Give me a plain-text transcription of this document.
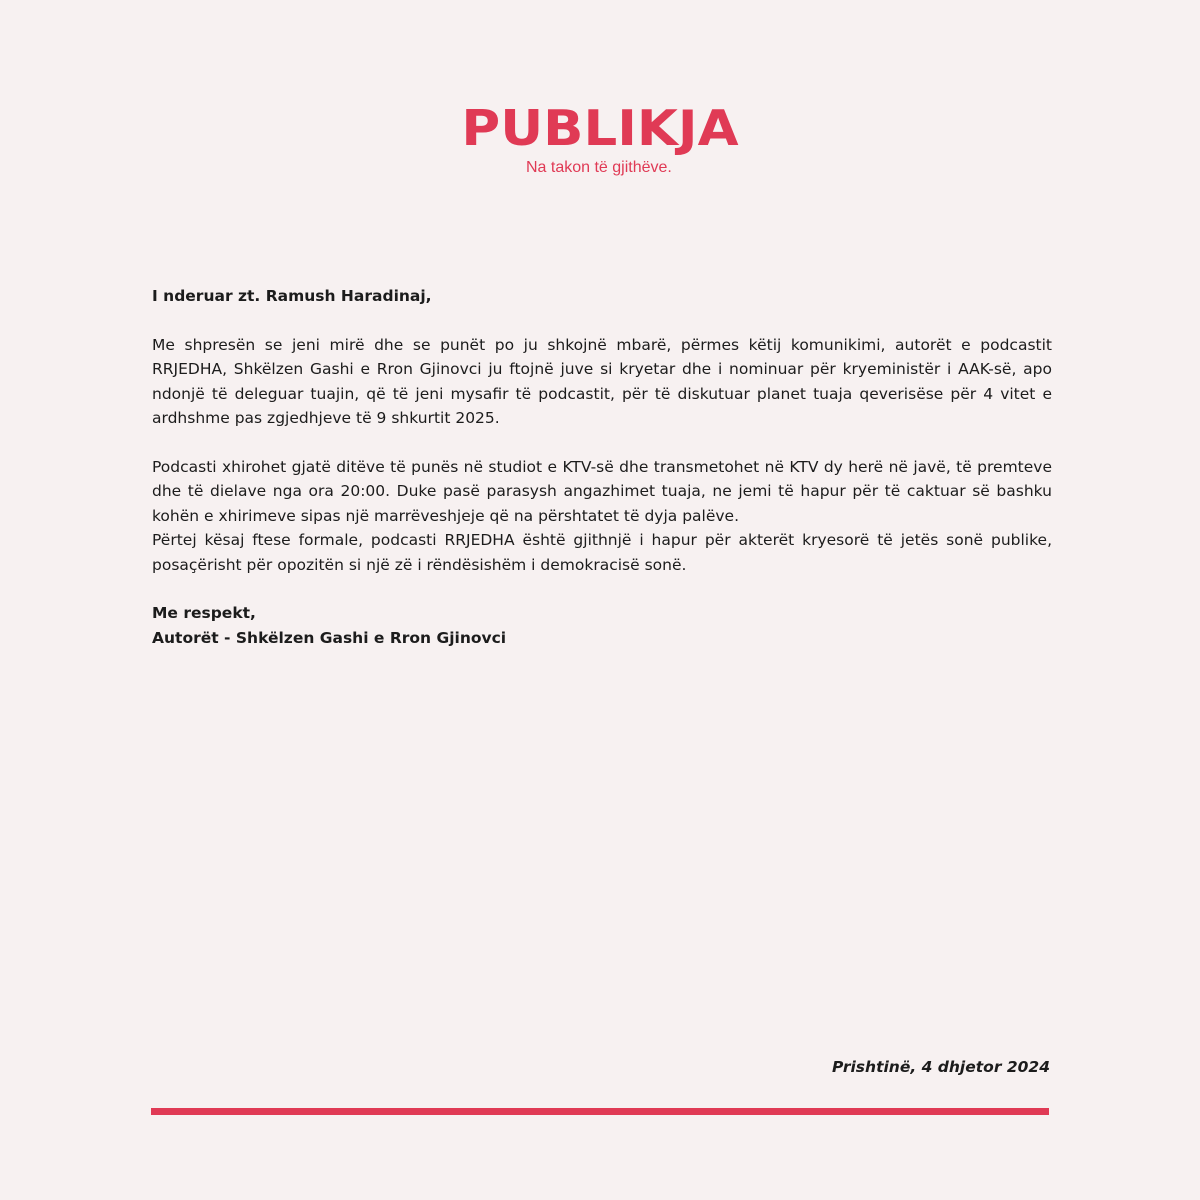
PUBLIKJA
Na takon të gjithëve.

I nderuar zt. Ramush Haradinaj,

Me shpresën se jeni mirë dhe se punët po ju shkojnë mbarë, përmes këtij komunikimi, autorët e podcastit RRJEDHA, Shkëlzen Gashi e Rron Gjinovci ju ftojnë juve si kryetar dhe i nominuar për kryeministër i AAK-së, apo ndonjë të deleguar tuajin, që të jeni mysafir të podcastit, për të diskutuar planet tuaja qeverisëse për 4 vitet e ardhshme pas zgjedhjeve të 9 shkurtit 2025.

Podcasti xhirohet gjatë ditëve të punës në studiot e KTV-së dhe transmetohet në KTV dy herë në javë, të premteve dhe të dielave nga ora 20:00. Duke pasë parasysh angazhimet tuaja, ne jemi të hapur për të caktuar së bashku kohën e xhirimeve sipas një marrëveshjeje që na përshtatet të dyja palëve.

Përtej kësaj ftese formale, podcasti RRJEDHA është gjithnjë i hapur për akterët kryesorë të jetës sonë publike, posaçërisht për opozitën si një zë i rëndësishëm i demokracisë sonë.

Me respekt,

Autorët - Shkëlzen Gashi e Rron Gjinovci

Prishtinë, 4 dhjetor 2024
